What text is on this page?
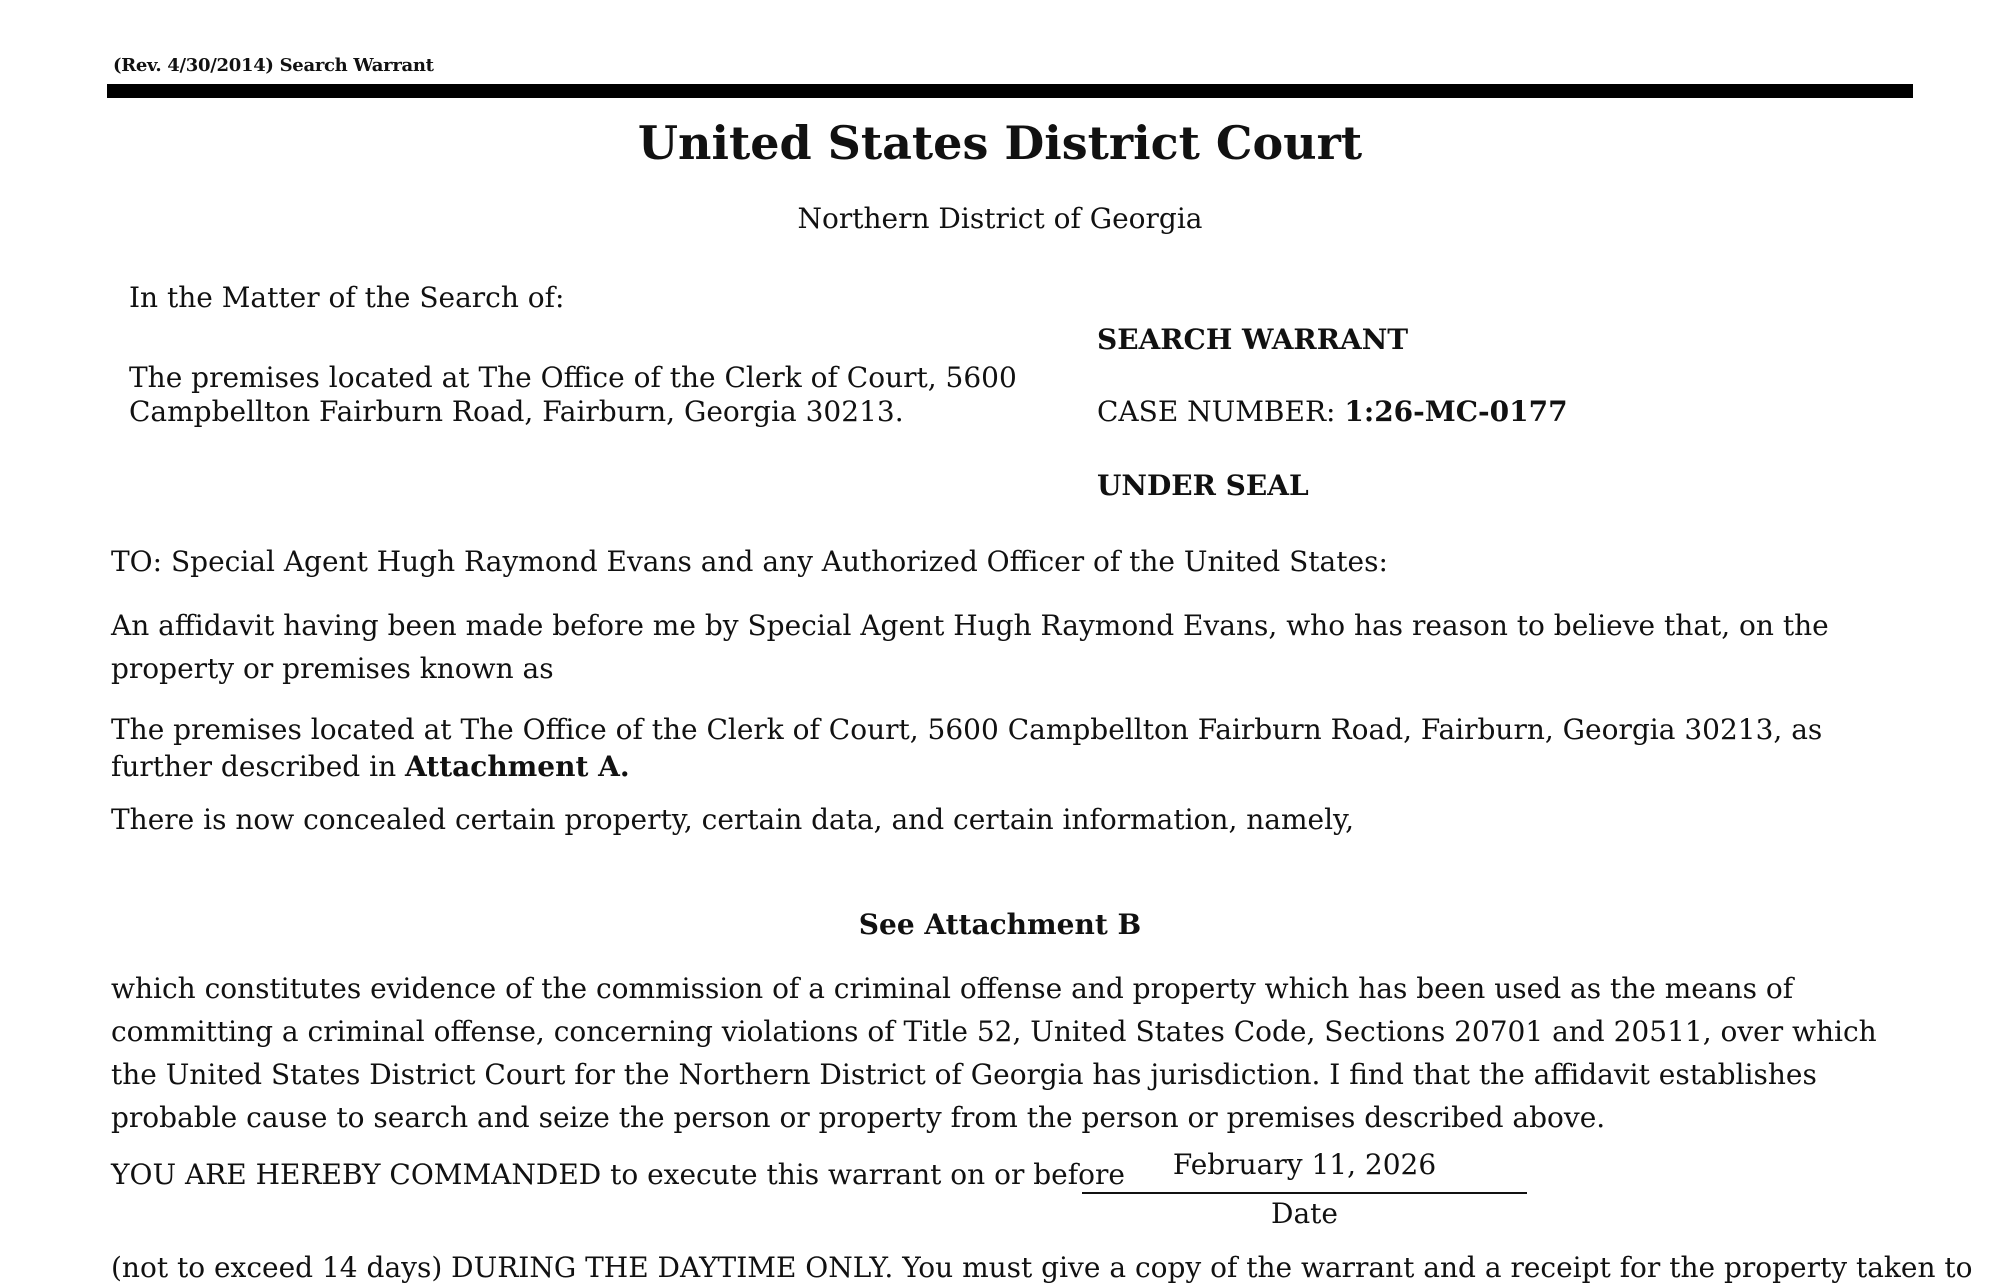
(Rev. 4/30/2014) Search Warrant
United States District Court
Northern District of Georgia
In the Matter of the Search of:
The premises located at The Office of the Clerk of Court, 5600
Campbellton Fairburn Road, Fairburn, Georgia 30213.
SEARCH WARRANT
CASE NUMBER: 1:26-MC-0177
UNDER SEAL
TO: Special Agent Hugh Raymond Evans and any Authorized Officer of the United States:
An affidavit having been made before me by Special Agent Hugh Raymond Evans, who has reason to believe that, on the property or premises known as
The premises located at The Office of the Clerk of Court, 5600 Campbellton Fairburn Road, Fairburn, Georgia 30213, as further described in Attachment A.
There is now concealed certain property, certain data, and certain information, namely,
See Attachment B
which constitutes evidence of the commission of a criminal offense and property which has been used as the means of committing a criminal offense, concerning violations of Title 52, United States Code, Sections 20701 and 20511, over which the United States District Court for the Northern District of Georgia has jurisdiction. I find that the affidavit establishes probable cause to search and seize the person or property from the person or premises described above.
YOU ARE HEREBY COMMANDED to execute this warrant on or before	February 11, 2026
Date
(not to exceed 14 days) DURING THE DAYTIME ONLY. You must give a copy of the warrant and a receipt for the property taken to
